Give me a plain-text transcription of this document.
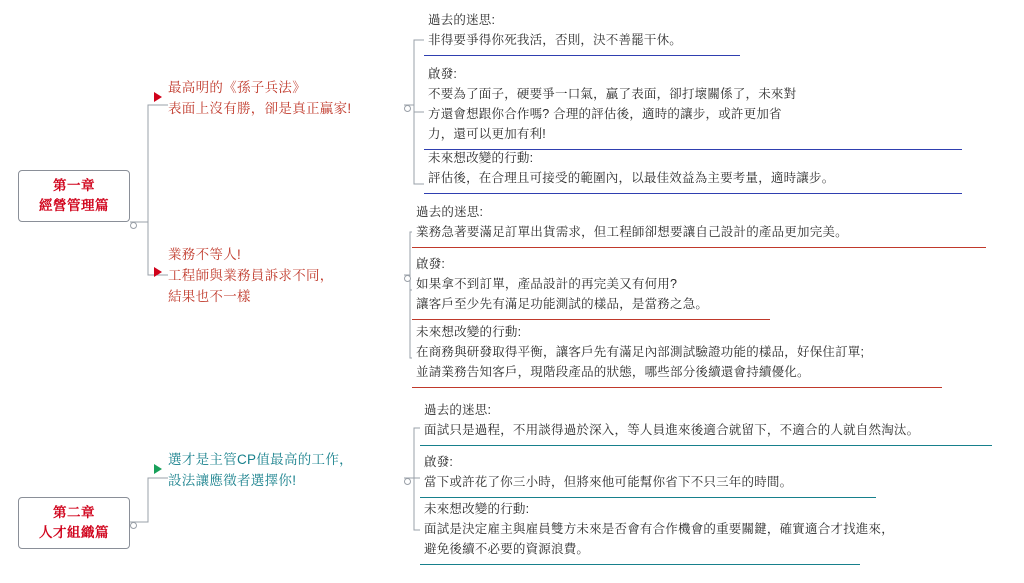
第一章
經營管理篇
第二章
人才組織篇
最高明的《孫子兵法》
表面上沒有勝，卻是真正贏家!
業務不等人!
工程師與業務員訴求不同，
結果也不一樣
選才是主管CP值最高的工作，
設法讓應徵者選擇你!
過去的迷思:
非得要爭得你死我活，否則，決不善罷干休。
啟發:
不要為了面子，硬要爭一口氣，贏了表面，卻打壞關係了，未來對
方還會想跟你合作嗎? 合理的評估後，適時的讓步，或許更加省
力，還可以更加有利!
未來想改變的行動:
評估後，在合理且可接受的範圍內，以最佳效益為主要考量，適時讓步。
過去的迷思:
業務急著要滿足訂單出貨需求，但工程師卻想要讓自己設計的產品更加完美。
啟發:
如果拿不到訂單，產品設計的再完美又有何用?
讓客戶至少先有滿足功能測試的樣品，是當務之急。
未來想改變的行動:
在商務與研發取得平衡，讓客戶先有滿足內部測試驗證功能的樣品，好保住訂單;
並請業務告知客戶，現階段產品的狀態，哪些部分後續還會持續優化。
過去的迷思:
面試只是過程，不用談得過於深入，等人員進來後適合就留下，不適合的人就自然淘汰。
啟發:
當下或許花了你三小時，但將來他可能幫你省下不只三年的時間。
未來想改變的行動:
面試是決定雇主與雇員雙方未來是否會有合作機會的重要關鍵，確實適合才找進來，
避免後續不必要的資源浪費。
